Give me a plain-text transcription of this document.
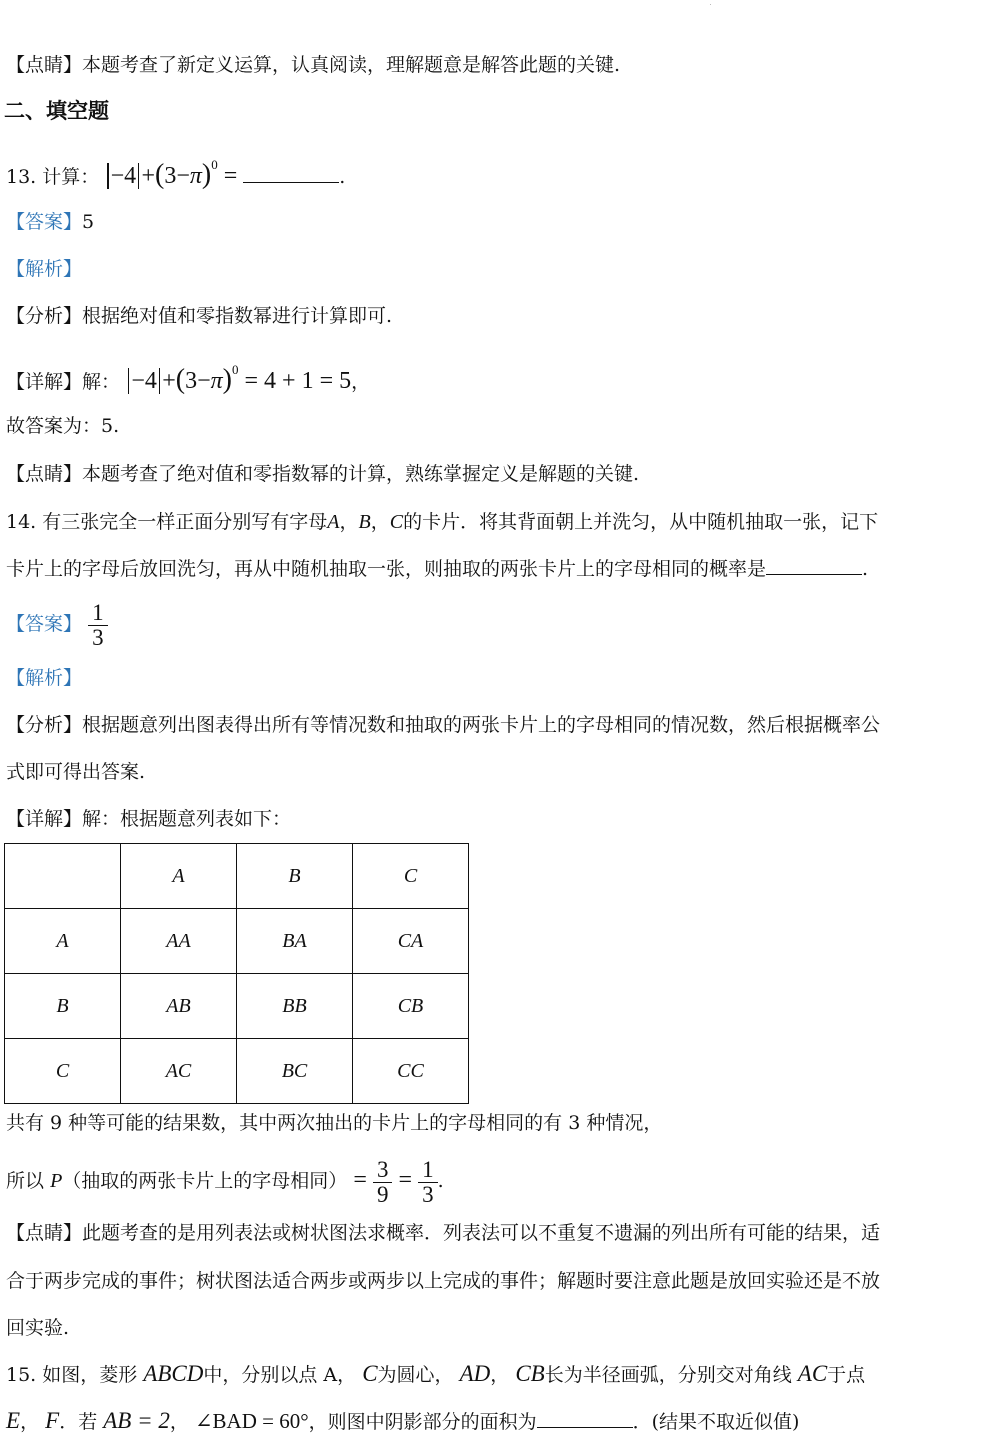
【点睛】本题考查了新定义运算，认真阅读，理解题意是解答此题的关键.
二、填空题
13. 计算： $-4 +(3-\pi)^0$ =	.
【答案】5
【解析】
【分析】根据绝对值和零指数幂进行计算即可.
【详解】解： $-4 +(3-\pi)^0 = 4 + 1 = 5$，
故答案为：5.
【点睛】本题考查了绝对值和零指数幂的计算，熟练掌握定义是解题的关键.
14. 有三张完全一样正面分别写有字母A，B，C的卡片．将其背面朝上并洗匀，从中随机抽取一张，记下
卡片上的字母后放回洗匀，再从中随机抽取一张，则抽取的两张卡片上的字母相同的概率是	.
【答案】 $\frac{1}{3}$
【解析】
【分析】根据题意列出图表得出所有等情况数和抽取的两张卡片上的字母相同的情况数，然后根据概率公
式即可得出答案.
【详解】解：根据题意列表如下：
	A	B	C
A	AA	BA	CA
B	AB	BB	CB
C	AC	BC	CC
共有 9 种等可能的结果数，其中两次抽出的卡片上的字母相同的有 3 种情况，
所以 P（抽取的两张卡片上的字母相同） = $\frac{3}{9} = \frac{1}{3}$ .
【点睛】此题考查的是用列表法或树状图法求概率．列表法可以不重复不遗漏的列出所有可能的结果，适
合于两步完成的事件；树状图法适合两步或两步以上完成的事件；解题时要注意此题是放回实验还是不放
回实验.
15. 如图，菱形 ABCD中，分别以点 A， C为圆心， AD， CB长为半径画弧，分别交对角线 AC于点
E， F．若 AB = 2， ∠BAD = 60°，则图中阴影部分的面积为	．(结果不取近似值)
